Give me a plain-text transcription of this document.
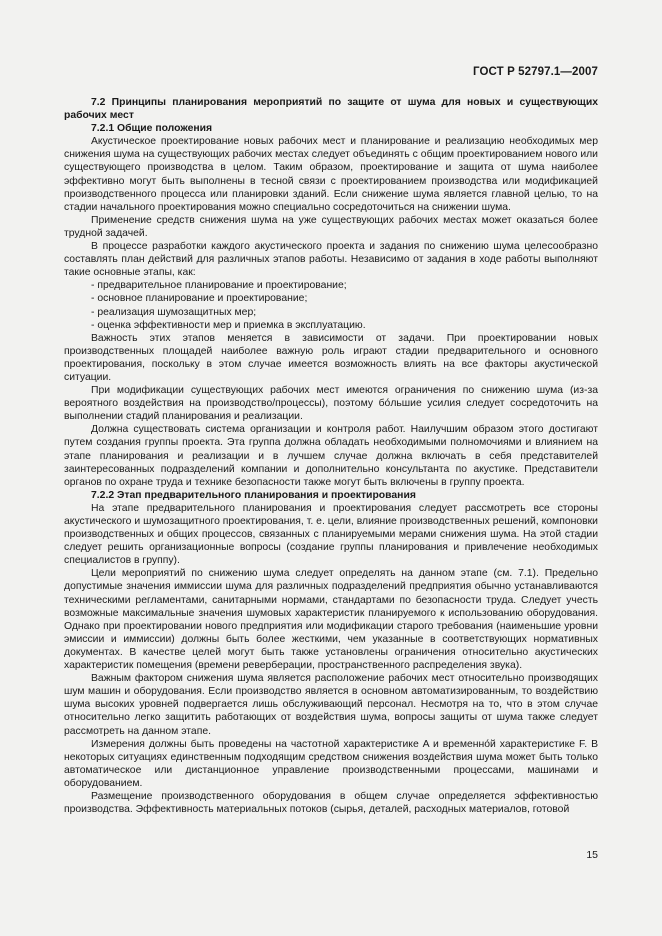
ГОСТ Р 52797.1—2007

7.2 Принципы планирования мероприятий по защите от шума для новых и существующих рабочих мест

7.2.1 Общие положения

Акустическое проектирование новых рабочих мест и планирование и реализацию необходимых мер снижения шума на существующих рабочих местах следует объединять с общим проектированием нового или существующего производства в целом. Таким образом, проектирование и защита от шума наиболее эффективно могут быть выполнены в тесной связи с проектированием производства или модификацией производственного процесса или планировки зданий. Если снижение шума является главной целью, то на стадии начального проектирования можно специально сосредоточиться на снижении шума.

Применение средств снижения шума на уже существующих рабочих местах может оказаться более трудной задачей.

В процессе разработки каждого акустического проекта и задания по снижению шума целесообразно составлять план действий для различных этапов работы. Независимо от задания в ходе работы выполняют такие основные этапы, как:

- предварительное планирование и проектирование;

- основное планирование и проектирование;

- реализация шумозащитных мер;

- оценка эффективности мер и приемка в эксплуатацию.

Важность этих этапов меняется в зависимости от задачи. При проектировании новых производственных площадей наиболее важную роль играют стадии предварительного и основного проектирования, поскольку в этом случае имеется возможность влиять на все факторы акустической ситуации.

При модификации существующих рабочих мест имеются ограничения по снижению шума (из-за вероятного воздействия на производство/процессы), поэтому бо́льшие усилия следует сосредоточить на выполнении стадий планирования и реализации.

Должна существовать система организации и контроля работ. Наилучшим образом этого достигают путем создания группы проекта. Эта группа должна обладать необходимыми полномочиями и влиянием на этапе планирования и реализации и в лучшем случае должна включать в себя представителей заинтересованных подразделений компании и дополнительно консультанта по акустике. Представители органов по охране труда и технике безопасности также могут быть включены в группу проекта.

7.2.2 Этап предварительного планирования и проектирования

На этапе предварительного планирования и проектирования следует рассмотреть все стороны акустического и шумозащитного проектирования, т. е. цели, влияние производственных решений, компоновки производственных и общих процессов, связанных с планируемыми мерами снижения шума. На этой стадии следует решить организационные вопросы (создание группы планирования и привлечение необходимых специалистов в группу).

Цели мероприятий по снижению шума следует определять на данном этапе (см. 7.1). Предельно допустимые значения иммиссии шума для различных подразделений предприятия обычно устанавливаются техническими регламентами, санитарными нормами, стандартами по безопасности труда. Следует учесть возможные максимальные значения шумовых характеристик планируемого к использованию оборудования. Однако при проектировании нового предприятия или модификации старого требования (наименьшие уровни эмиссии и иммиссии) должны быть более жесткими, чем указанные в соответствующих нормативных документах. В качестве целей могут быть также установлены ограничения относительно акустических характеристик помещения (времени реверберации, пространственного распределения звука).

Важным фактором снижения шума является расположение рабочих мест относительно производящих шум машин и оборудования. Если производство является в основном автоматизированным, то воздействию шума высоких уровней подвергается лишь обслуживающий персонал. Несмотря на то, что в этом случае относительно легко защитить работающих от воздействия шума, вопросы защиты от шума также следует рассмотреть на данном этапе.

Измерения должны быть проведены на частотной характеристике A и временно́й характеристике F. В некоторых ситуациях единственным подходящим средством снижения воздействия шума может быть только автоматическое или дистанционное управление производственными процессами, машинами и оборудованием.

Размещение производственного оборудования в общем случае определяется эффективностью производства. Эффективность материальных потоков (сырья, деталей, расходных материалов, готовой

15
